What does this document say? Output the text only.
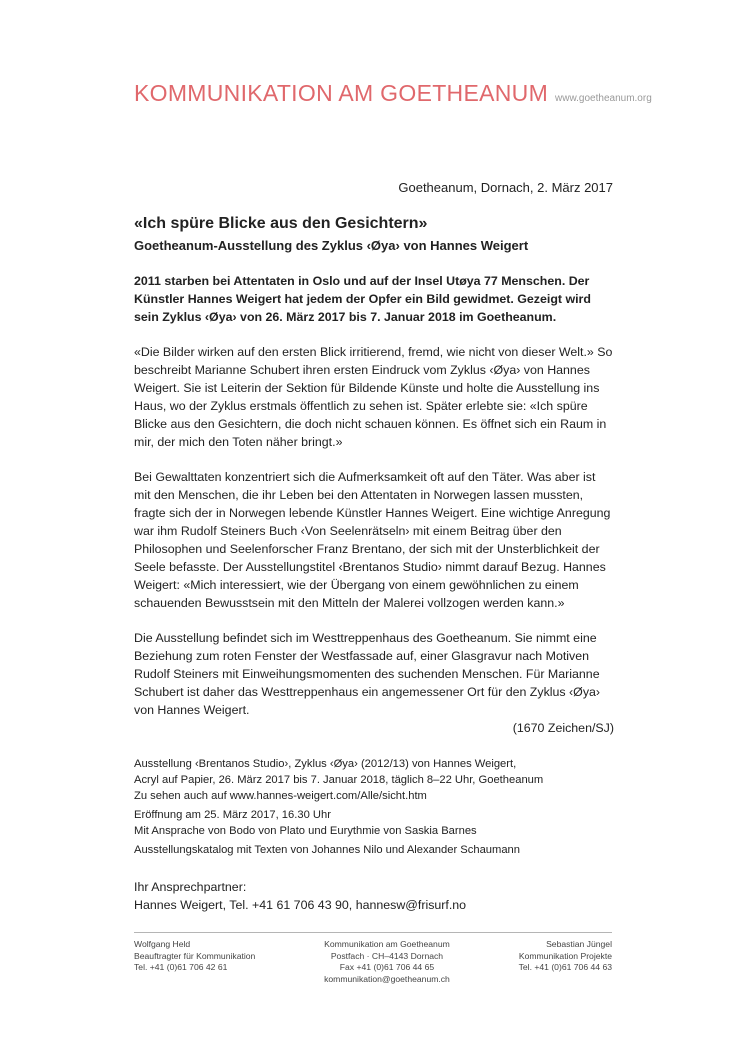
KOMMUNIKATION AM GOETHEANUM www.goetheanum.org
Goetheanum, Dornach, 2. März 2017
«Ich spüre Blicke aus den Gesichtern»
Goetheanum-Ausstellung des Zyklus ‹Øya› von Hannes Weigert

2011 starben bei Attentaten in Oslo und auf der Insel Utøya 77 Menschen. Der Künstler Hannes Weigert hat jedem der Opfer ein Bild gewidmet. Gezeigt wird sein Zyklus ‹Øya› von 26. März 2017 bis 7. Januar 2018 im Goetheanum.

«Die Bilder wirken auf den ersten Blick irritierend, fremd, wie nicht von dieser Welt.» So beschreibt Marianne Schubert ihren ersten Eindruck vom Zyklus ‹Øya› von Hannes Weigert. Sie ist Leiterin der Sektion für Bildende Künste und holte die Ausstellung ins Haus, wo der Zyklus erstmals öffentlich zu sehen ist. Später erlebte sie: «Ich spüre Blicke aus den Gesichtern, die doch nicht schauen können. Es öffnet sich ein Raum in mir, der mich den Toten näher bringt.»

Bei Gewalttaten konzentriert sich die Aufmerksamkeit oft auf den Täter. Was aber ist mit den Menschen, die ihr Leben bei den Attentaten in Norwegen lassen mussten, fragte sich der in Norwegen lebende Künstler Hannes Weigert. Eine wichtige Anregung war ihm Rudolf Steiners Buch ‹Von Seelenrätseln› mit einem Beitrag über den Philosophen und Seelenforscher Franz Brentano, der sich mit der Unsterblichkeit der Seele befasste. Der Ausstellungstitel ‹Brentanos Studio› nimmt darauf Bezug. Hannes Weigert: «Mich interessiert, wie der Übergang von einem gewöhnlichen zu einem schauenden Bewusstsein mit den Mitteln der Malerei vollzogen werden kann.»

Die Ausstellung befindet sich im Westtreppenhaus des Goetheanum. Sie nimmt eine Beziehung zum roten Fenster der Westfassade auf, einer Glasgravur nach Motiven Rudolf Steiners mit Einweihungsmomenten des suchenden Menschen. Für Marianne Schubert ist daher das Westtreppenhaus ein angemessener Ort für den Zyklus ‹Øya› von Hannes Weigert.

(1670 Zeichen/SJ)
Ausstellung ‹Brentanos Studio›, Zyklus ‹Øya› (2012/13) von Hannes Weigert,
Acryl auf Papier, 26. März 2017 bis 7. Januar 2018, täglich 8–22 Uhr, Goetheanum
Zu sehen auch auf www.hannes-weigert.com/Alle/sicht.htm
Eröffnung am 25. März 2017, 16.30 Uhr
Mit Ansprache von Bodo von Plato und Eurythmie von Saskia Barnes
Ausstellungskatalog mit Texten von Johannes Nilo und Alexander Schaumann
Ihr Ansprechpartner:
Hannes Weigert, Tel. +41 61 706 43 90, hannesw@frisurf.no
Wolfgang Held
Beauftragter für Kommunikation
Tel. +41 (0)61 706 42 61
Kommunikation am Goetheanum
Postfach · CH–4143 Dornach
Fax +41 (0)61 706 44 65
kommunikation@goetheanum.ch
Sebastian Jüngel
Kommunikation Projekte
Tel. +41 (0)61 706 44 63
